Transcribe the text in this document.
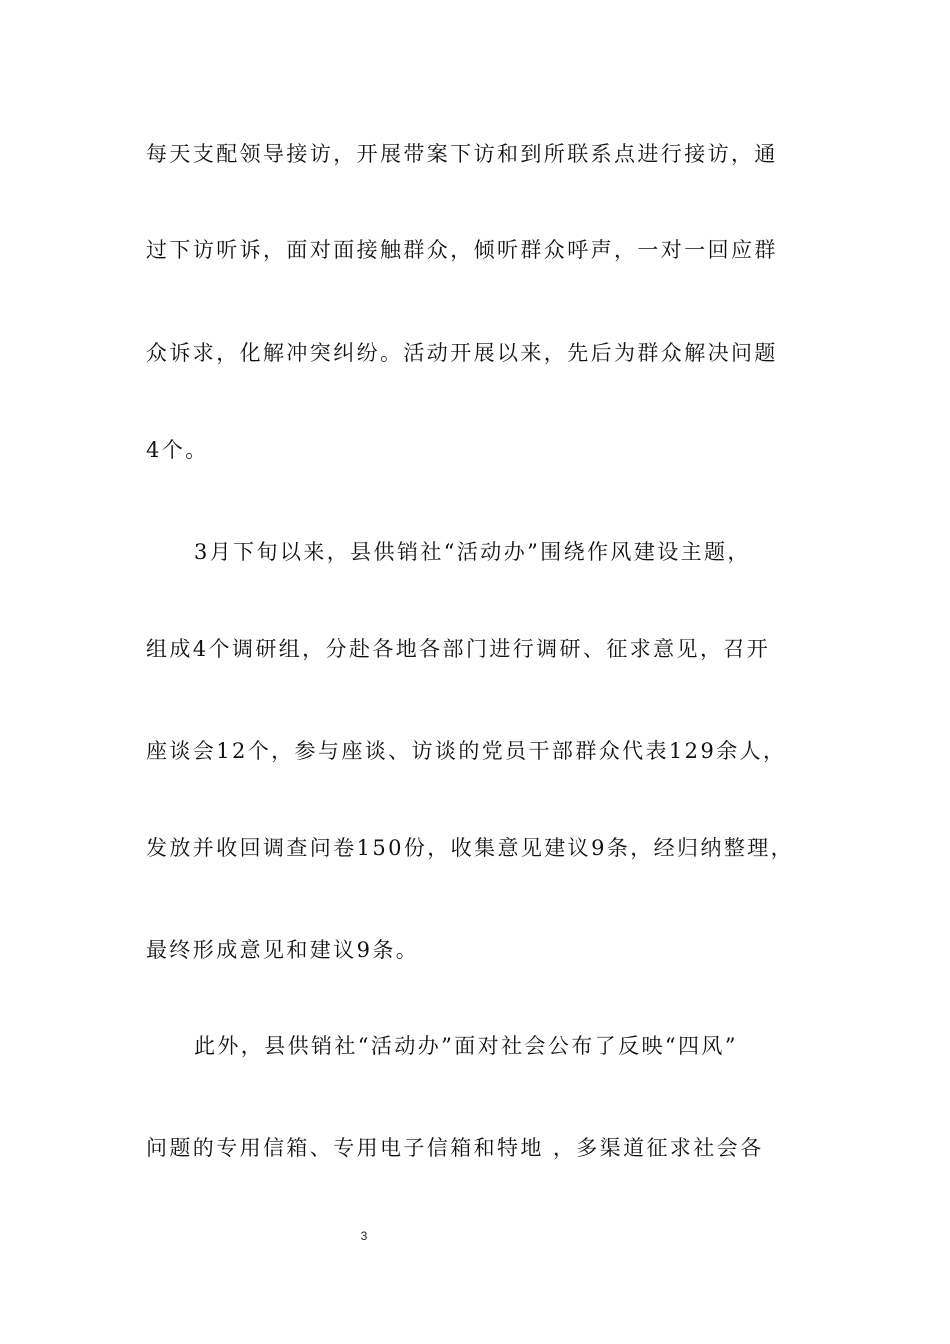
每天支配领导接访，开展带案下访和到所联系点进行接访，通
过下访听诉，面对面接触群众，倾听群众呼声，一对一回应群
众诉求，化解冲突纠纷。活动开展以来，先后为群众解决问题
4个。
3月下旬以来，县供销社“活动办”围绕作风建设主题，
组成4个调研组，分赴各地各部门进行调研、征求意见，召开
座谈会12个，参与座谈、访谈的党员干部群众代表129余人，
发放并收回调查问卷150份，收集意见建议9条，经归纳整理，
最终形成意见和建议9条。
此外，县供销社“活动办”面对社会公布了反映“四风”
问题的专用信箱、专用电子信箱和特地 ，多渠道征求社会各
3
